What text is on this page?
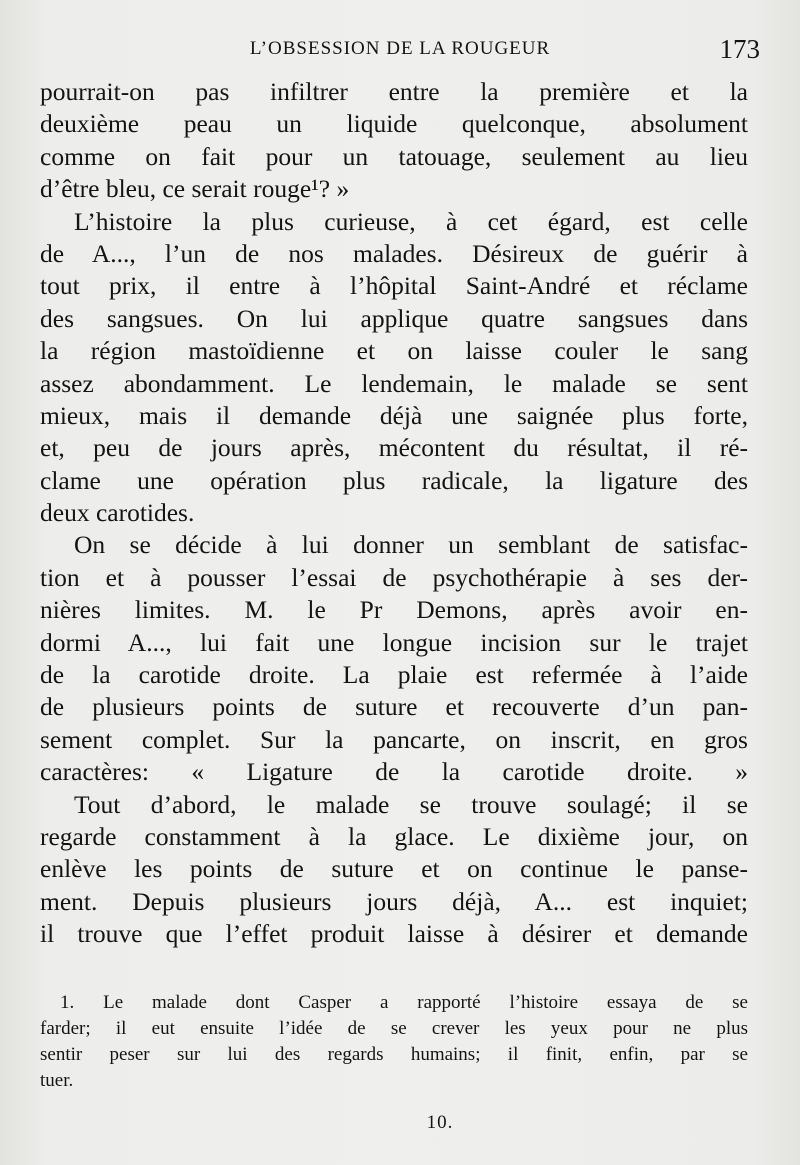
L’OBSESSION DE LA ROUGEUR	173
pourrait-on pas infiltrer entre la première et la
deuxième peau un liquide quelconque, absolument
comme on fait pour un tatouage, seulement au lieu
d’être bleu, ce serait rouge¹? »
L’histoire la plus curieuse, à cet égard, est celle
de A..., l’un de nos malades. Désireux de guérir à
tout prix, il entre à l’hôpital Saint-André et réclame
des sangsues. On lui applique quatre sangsues dans
la région mastoïdienne et on laisse couler le sang
assez abondamment. Le lendemain, le malade se sent
mieux, mais il demande déjà une saignée plus forte,
et, peu de jours après, mécontent du résultat, il ré-
clame une opération plus radicale, la ligature des
deux carotides.
On se décide à lui donner un semblant de satisfac-
tion et à pousser l’essai de psychothérapie à ses der-
nières limites. M. le Pr Demons, après avoir en-
dormi A..., lui fait une longue incision sur le trajet
de la carotide droite. La plaie est refermée à l’aide
de plusieurs points de suture et recouverte d’un pan-
sement complet. Sur la pancarte, on inscrit, en gros
caractères: « Ligature de la carotide droite. »
Tout d’abord, le malade se trouve soulagé; il se
regarde constamment à la glace. Le dixième jour, on
enlève les points de suture et on continue le panse-
ment. Depuis plusieurs jours déjà, A... est inquiet;
il trouve que l’effet produit laisse à désirer et demande
1. Le malade dont Casper a rapporté l’histoire essaya de se
farder; il eut ensuite l’idée de se crever les yeux pour ne plus
sentir peser sur lui des regards humains; il finit, enfin, par se
tuer.
10.
